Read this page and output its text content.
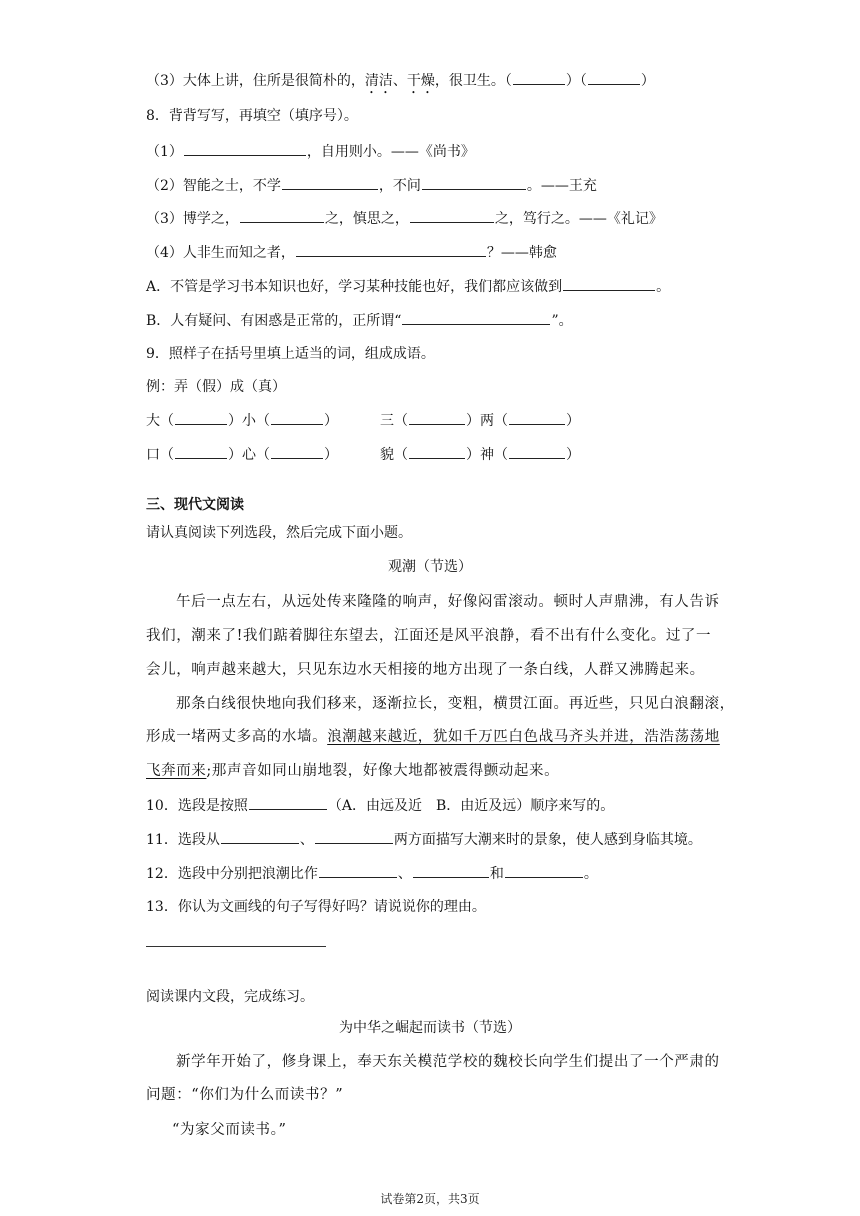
（3）大体上讲，住所是很简朴的，清洁、干燥，很卫生。（	）（	）
8．背背写写，再填空（填序号）。
（1）	，自用则小。——《尚书》
（2）智能之士，不学	，不问	。——王充
（3）博学之，	之，慎思之，	之，笃行之。——《礼记》
（4）人非生而知之者，	？——韩愈
A．不管是学习书本知识也好，学习某种技能也好，我们都应该做到	。
B．人有疑问、有困惑是正常的，正所谓“	”。
9．照样子在括号里填上适当的词，组成成语。
例：弄（假）成（真）
大（	）小（	）	三（	）两（	）
口（	）心（	）	貌（	）神（	）
三、现代文阅读
请认真阅读下列选段，然后完成下面小题。
观潮（节选）
午后一点左右，从远处传来隆隆的响声，好像闷雷滚动。顿时人声鼎沸，有人告诉
我们，潮来了!我们踮着脚往东望去，江面还是风平浪静，看不出有什么变化。过了一
会儿，响声越来越大，只见东边水天相接的地方出现了一条白线，人群又沸腾起来。
那条白线很快地向我们移来，逐渐拉长，变粗，横贯江面。再近些，只见白浪翻滚，
形成一堵两丈多高的水墙。浪潮越来越近，犹如千万匹白色战马齐头并进，浩浩荡荡地
飞奔而来;那声音如同山崩地裂，好像大地都被震得颤动起来。
10．选段是按照	（A．由远及近　B．由近及远）顺序来写的。
11．选段从	、	两方面描写大潮来时的景象，使人感到身临其境。
12．选段中分别把浪潮比作	、	和	。
13．你认为文画线的句子写得好吗？请说说你的理由。
阅读课内文段，完成练习。
为中华之崛起而读书（节选）
新学年开始了，修身课上，奉天东关模范学校的魏校长向学生们提出了一个严肃的
问题：“你们为什么而读书？”
“为家父而读书。”
试卷第2页，共3页
